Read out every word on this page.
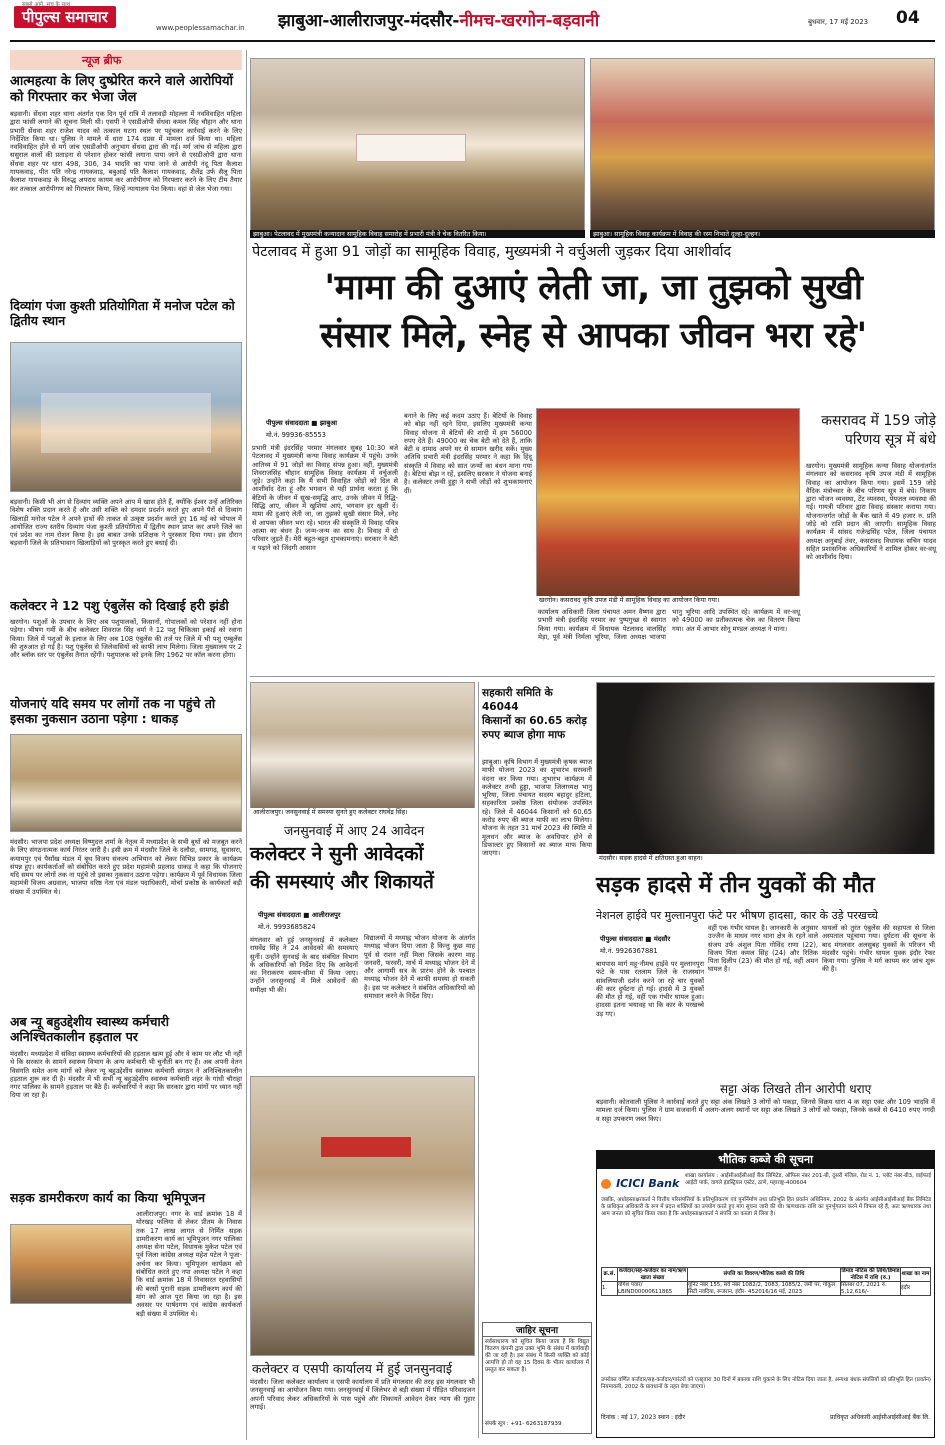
पीपुल्स समाचार
सबसे आगे, सच के साथ
www.peoplessamachar.in झाबुआ-आलीराजपुर-मंदसौर-नीमच-खरगोन-बड़वानी	बुधवार, 17 मई 2023 04
न्यूज ब्रीफ
आत्महत्या के लिए दुष्प्रेरित करने वाले आरोपियों को गिरफ्तार कर भेजा जेल
बड़वानी। सेंधवा शहर थाना अंतर्गत एक दिन पूर्व रात्रि में तलावड़ी मोहल्ला में नवविवाहित महिला द्वारा फांसी लगाने की सूचना मिली थी। एसपी ने एसडीओपी सेंधवा कमल सिंह चौहान और थाना प्रभारी सेंधवा शहर राजेश यादव को तत्काल घटना स्थल पर पहुंचकर कार्रवाई करने के लिए निर्देशित किया था। पुलिस ने मामले में धारा 174 दप्रस में मामला दर्ज किया था। महिला नवविवाहित होने से मर्ग जांच एसडीओपी अनुभाग सेंधवा द्वारा की गई। मर्ग जांच से महिला द्वारा ससुराल वालों की प्रताड़ना से परेशान होकर फांसी लगाना पाया जाने से एसडीओपी द्वारा थाना सेंधवा शहर पर धारा 498, 306, 34 भादवि का पाया जाने से आरोपी नंदू पिता कैलाश गायकवाड़, पीत पति नरेन्द्र गायकवाड़, बबुआई पति कैलाश गायकवाड़, शैलेंद्र उर्फ सैलू पिता कैलाश गायकवाड़ के विरुद्ध अपराध कायम कर आरोपीगण को गिरफ्तार करने के लिए टीम तैयार कर तत्काल आरोपीगण को गिरफ्तार किया, जिन्हें न्यायालय पेश किया। वहां से जेल भेजा गया।
दिव्यांग पंजा कुश्ती प्रतियोगिता में मनोज पटेल को द्वितीय स्थान
बड़वानी। किसी भी अंग से दिव्यांग व्यक्ति अपने आप में खास होते हैं, क्योंकि ईश्वर उन्हें अतिरिक्त विशेष शक्ति प्रदान करते हैं और उसी शक्ति को दमदार प्रदर्शन करते हुए अपने पैरों से दिव्यांग खिलाड़ी मनोज पटेल ने अपने हाथों की ताकत से उत्कृष्ट प्रदर्शन करते हुए 16 मई को भोपाल में आयोजित राज्य स्तरीय दिव्यांग पंजा कुश्ती प्रतियोगिता में द्वितीय स्थान प्राप्त कर अपने जिले का एवं प्रदेश का नाम रोशन किया है। इस बाबत उनके प्रशिक्षक ने पुरस्कार दिया गया। इस दौरान बड़वानी जिले के प्रतिभावान खिलाड़ियों को पुरस्कृत करते हुए बधाई दी।
कलेक्टर ने 12 पशु एंबुलेंस को दिखाई हरी झंडी
खरगोन। पशुओं के उपचार के लिए अब पशुपालकों, किसानों, गोपालकों को परेशान नहीं होना पड़ेगा। भीषण गर्मी के बीच कलेक्टर शिवराज सिंह वर्मा ने 12 पशु चिकित्सा इकाई को रवाना किया। जिले में पशुओं के इलाज के लिए अब 108 एंबुलेंस की तर्ज पर जिले में भी पशु एम्बुलेंस की शुरुआत हो गई है। पशु एंबुलेंस से जिलेवासियों को काफी लाभ मिलेगा। जिला मुख्यालय पर 2 और ब्लॉक स्तर पर एंबुलेंस तैनात रहेंगी। पशुपालक को इनके लिए 1962 पर कॉल करना होगा।
योजनाएं यदि समय पर लोगों तक ना पहुंचे तो इसका नुकसान उठाना पड़ेगा : धाकड़
मंदसौर। भाजपा प्रदेश अध्यक्ष विष्णुदत्त शर्मा के नेतृत्व में मध्यप्रदेश के सभी बूथों को मजबूत करने के लिए संगठनात्मक कार्य निरंतर जारी है। इसी क्रम में मंदसौर जिले के दलौदा, सामगढ़, सुवासरा, कयामपुर एवं पैसाँख मंडल में बूथ विजय संकल्प अभियान को लेकर विभिन्न प्रकार के कार्यक्रम संपन्न हुए। कार्यकर्ताओं को संबोधित करते हुए प्रदेश महामंत्री प्रहलाद धाकड़ ने कहा कि योजनाएं यदि समय पर लोगों तक ना पहुंचे तो इसका नुकसान उठाना पड़ेगा। कार्यक्रम में पूर्व विधायक जिला महामंत्री विजय अग्रवाल, भाजपा वरिष्ठ नेता एवं मंडल पदाधिकारी, मोर्चा प्रकोष्ठ के कार्यकर्ता बड़ी संख्या में उपस्थित थे।
अब न्यू बहुउद्देशीय स्वास्थ्य कर्मचारी अनिश्चितकालीन हड़ताल पर
मंदसौर। मध्यप्रदेश में संविदा स्वास्थ्य कर्मचारियों की हड़ताल खत्म हुई और वे काम पर लौट भी नहीं थे कि सरकार के सामने स्वास्थ्य विभाग के अन्य कर्मचारी भी चुनौती बन गए हैं। अब अपनी वेतन विसंगति समेत अन्य मांगों को लेकर न्यू बहुउद्देशीय स्वास्थ्य कर्मचारी संगठन ने अनिश्चितकालीन हड़ताल शुरू कर दी है। मंदसौर में भी सभी न्यू बहुउद्देशीय स्वास्थ्य कर्मचारी शहर के गांधी चौराहा नगर पालिका के सामने हड़ताल पर बैठे हैं। कर्मचारियों ने कहा कि सरकार द्वारा मांगों पर ध्यान नहीं दिया जा रहा है।
सड़क डामरीकरण कार्य का किया भूमिपूजन
आलीराजपुर। नगर के वार्ड क्रमांक 18 में मोरखड़ फलिया से लेकर प्रीतम के निवास तक 17 लाख लागत से निर्मित सड़क डामरीकरण कार्य का भूमिपूजन नगर पालिका अध्यक्ष सेना पटेल, विधायक मुकेश पटेल एवं पूर्व जिला कांग्रेस अध्यक्ष महेश पटेल ने पूजा-अर्चना कर किया। भूमिपूजन कार्यक्रम को संबोधित करते हुए नपा अध्यक्ष पटेल ने कहा कि वार्ड क्रमांक 18 में निवासरत रहवासियों की बरसों पुरानी सड़क डामरीकरण कार्य की मांग को आज पूरा किया जा रहा है। इस अवसर पर पार्षदगण एवं कांग्रेस कार्यकर्ता बड़ी संख्या में उपस्थित थे।
झाबुआ। पेटलावद में मुख्यमंत्री कन्यादान सामूहिक विवाह समारोह में प्रभारी मंत्री ने चेक वितरित किया।	झाबुआ। सामूहिक विवाह कार्यक्रम में विवाह की रस्म निभाते दूल्हा-दुल्हन।
पेटलावद में हुआ 91 जोड़ों का सामूहिक विवाह, मुख्यमंत्री ने वर्चुअली जुड़कर दिया आशीर्वाद
'मामा की दुआएं लेती जा, जा तुझको सुखी
संसार मिले, स्नेह से आपका जीवन भरा रहे'
पीपुल्स संवाददाता ■ झाबुआ
मो.नं. 99936-85553
प्रभारी मंत्री इंदरसिंह परमार मंगलवार सुबह 10:30 बजे पेटलावद में मुख्यमंत्री कन्या विवाह कार्यक्रम में पहुंचे। उनके आतिथ्य में 91 जोड़ों का विवाह संपन्न हुआ। वहीं, मुख्यमंत्री शिवराजसिंह चौहान सामूहिक विवाह कार्यक्रम में वर्चुअली जुड़े। उन्होंने कहा कि मैं सभी विवाहित जोड़ों को दिल से आशीर्वाद देता हूं और भगवान से यही प्रार्थना करता हूं कि बेटियों के जीवन में सुख-समृद्धि आए, उनके जीवन में रिद्धि-सिद्धि आए, जीवन में खुशियां आएं, भगवान हर खुशी दें। मामा की दुआएं लेती जा, जा तुझको सुखी संसार मिले, स्नेह से आपका जीवन भरा रहे। भारत की संस्कृति में विवाह पवित्र आत्मा का बंधन है। जन्म-जन्म का साथ है। विवाह में दो परिवार जुड़ते हैं। मेरी बहुत-बहुत शुभकामनाएं। सरकार ने बेटी व पढ़ाने को जिंदगी आसान
बनाने के लिए कई कदम उठाए हैं। बेटियों के विवाह को बोझ नहीं रहने दिया, इसलिए मुख्यमंत्री कन्या विवाह योजना में बेटियों की शादी में हम 56000 रुपए देते हैं। 49000 का चेक बेटी को देते हैं, ताकि बेटी व दामाद अपने घर से सामान खरीद सकें। मुख्य अतिथि प्रभारी मंत्री इंदरसिंह परमार ने कहा कि हिंदू संस्कृति में विवाह को सात जन्मों का बंधन माना गया है। बेटियां बोझ न रहें, इसलिए सरकार ने योजना बनाई है। कलेक्टर तन्वी हुड्डा ने सभी जोड़ों को शुभकामनाएं दीं।
खरगोन। कसरावद कृषि उपज मंडी में सामूहिक विवाह का आयोजन किया गया।
कार्यालय अधिकारी जिला पंचायत अमन वैष्णव द्वारा प्रभारी मंत्री इंदरसिंह परमार का पुष्पगुच्छ से स्वागत किया गया। कार्यक्रम में विधायक पेटलावद वालसिंह मेड़ा, पूर्व मंत्री निर्मला भूरिया, जिला अध्यक्ष भाजपा भानु भूरिया आदि उपस्थित रहे। कार्यक्रम में वर-वधू को 49000 का प्रतीकात्मक चेक का वितरण किया गया। अंत में आभार सोनू मण्डल अध्यक्ष ने माना।
कसरावद में 159 जोड़े परिणय सूत्र में बंधे
खरगोन। मुख्यमंत्री सामूहिक कन्या विवाह योजनांतर्गत मंगलवार को कसरावद कृषि उपज मंडी में सामूहिक विवाह का आयोजन किया गया। इसमें 159 जोड़े वैदिक मंत्रोच्चार के बीच परिणय सूत्र में बंधे। निकाय द्वारा भोजन व्यवस्था, टेंट व्यवस्था, पेयजल व्यवस्था की गई। गायत्री परिवार द्वारा विवाह संस्कार कराया गया। योजनान्तर्गत जोड़ों के बैंक खाते में 49 हजार रु. प्रति जोड़े को राशि प्रदान की जाएगी। सामूहिक विवाह कार्यक्रम में सांसद गजेन्द्रसिंह पटेल, जिला पंचायत अध्यक्ष अनुबाई तंवर, कसरावद विधायक सचिन यादव सहित प्रशासनिक अधिकारियों ने शामिल होकर वर-वधू को आशीर्वाद दिया।
आलीराजपुर। जनसुनवाई में समस्या सुनते हुए कलेक्टर राघवेंद्र सिंह।
जनसुनवाई में आए 24 आवेदन
कलेक्टर ने सुनी आवेदकों
की समस्याएं और शिकायतें
पीपुल्स संवाददाता ■ आलीराजपुर
मो.नं. 9993685824
मंगलवार को हुई जनसुनवाई में कलेक्टर राघवेंद्र सिंह ने 24 आवेदकों की समस्याएं सुनीं। उन्होंने सुनवाई के बाद संबंधित विभाग के अधिकारियों को निर्देश दिए कि आवेदनों का निराकरण समय-सीमा में किया जाए। उन्होंने जनसुनवाई में मिले आवेदनों की समीक्षा भी की।
विद्यालयों में मध्याह्न भोजन योजना के अंतर्गत मध्याह्न भोजन दिया जाता है किन्तु कुछ माह पूर्व से राशन नहीं मिला जिसके कारण माह जनवरी, फरवरी, मार्च में मध्याह्न भोजन देने में और आगामी सत्र के प्रारंभ होने के पश्चात मध्याह्न भोजन देने में काफी समस्या हो सकती है। इस पर कलेक्टर ने संबंधित अधिकारियों को समाधान करने के निर्देश दिए।
कलेक्टर व एसपी कार्यालय में हुई जनसुनवाई
मंदसौर। जिला कलेक्टर कार्यालय व एसपी कार्यालय में प्रति मंगलवार की तरह इस मंगलवार भी जनसुनवाई का आयोजन किया गया। जनसुनवाई में जिलेभर से बड़ी संख्या में पीड़ित परिवादजन अपनी परिवाद लेकर अधिकारियों के पास पहुंचे और शिकायतें आवेदन देकर न्याय की गुहार लगाई।
सहकारी समिति के 46044
किसानों का 60.65 करोड़
रुपए ब्याज होगा माफ
झाबुआ। कृषि विभाग में मुख्यमंत्री कृषक ब्याज माफी योजना 2023 का शुभारंभ सरस्वती वंदना कर किया गया। शुभारंभ कार्यक्रम में कलेक्टर तन्वी हुड्डा, भाजपा जिलाध्यक्ष भानु भूरिया, जिला पंचायत सदस्य बहादुर हटिला, सहकारिता प्रकोष्ठ जिला संयोजक उपस्थित रहे। जिले में 46044 किसानों को 60.65 करोड़ रुपए की ब्याज माफी का लाभ मिलेगा। योजना के तहत 31 मार्च 2023 की स्थिति में मूलधन और ब्याज के अवधिपार होने से डिफाल्टर हुए किसानों का ब्याज माफ किया जाएगा।
जाहिर सूचना
सर्वसाधारण को सूचित किया जाता है कि विद्युत वितरण कंपनी द्वारा उक्त भूमि के संबंध में कार्यवाही की जा रही है। इस संबंध में किसी व्यक्ति को कोई आपत्ति हो तो वह 15 दिवस के भीतर कार्यालय में प्रस्तुत कर सकता है।
संपर्क सूत्र : +91- 6263187939
मंदसौर। सड़क हादसे में क्षतिग्रस्त हुआ वाहन।
सड़क हादसे में तीन युवकों की मौत
नेशनल हाईवे पर मुल्तानपुरा फंटे पर भीषण हादसा, कार के उड़े परखच्चे
पीपुल्स संवाददाता ■ मंदसौर
मो.नं. 9926367881
बायपास मार्ग महू-नीमच हाईवे पर मुल्तानपुरा फंटे के पास रतलाम जिले के राजस्थान सांवलियाजी दर्शन करने जा रहे चार युवकों की कार दुर्घटना हो गई। हादसे में 3 युवकों की मौत हो गई, वहीं एक गंभीर घायल हुआ। हादसा इतना भयावह था कि कार के परखच्चे उड़ गए।
वहीं एक गंभीर घायल है। जानकारी के अनुसार उज्जैन के माधव नगर थाना क्षेत्र के रहने वाले संजय उर्फ अंशुल पिता गोविंद राणा (22), विजय पिता कमल सिंह (24) और रितिक पिता दिलीप (23) की मौत हो गई, वहीं अमन घायल है।
घायलों को तुरंत एंबुलेंस की सहायता से जिला अस्पताल पहुंचाया गया। दुर्घटना की सूचना के बाद मंगलवार अलसुबह युवकों के परिजन भी मंदसौर पहुंचे। गंभीर घायल युवक इंदौर रेफर किया गया। पुलिस ने मर्ग कायम कर जांच शुरू की है।
सट्टा अंक लिखते तीन आरोपी धराए
बड़वानी। कोतवाली पुलिस ने कार्रवाई करते हुए सट्टा अंक लिखते 3 लोगों को पकड़ा, जिनसे विक्रय धारा 4 क सट्टा एक्ट और 109 भादवि में मामला दर्ज किया। पुलिस ने ग्राम सजवानी में अलग-अलग स्थानों पर सट्टा अंक लिखते 3 लोगों को पकड़ा, जिनके कब्जे से 6410 रुपए नगदी व सट्टा उपकरण जब्त किए।
भौतिक कब्जे की सूचना
ICICI Bank
शाखा कार्यालय : आईसीआईसीआई बैंक लिमिटेड, ऑफिस नंबर 201-बी, दूसरी मंजिल, रोड नं. 1, प्लॉट नंबर-बी3, वाईफाई आईटी पार्क, वागले इंडस्ट्रियल एस्टेट, ठाणे, महाराष्ट्र-400604
जबकि, अधोहस्ताक्षरकर्ता ने वित्तीय परिसंपत्तियों के प्रतिभूतिकरण एवं पुनर्निर्माण तथा प्रतिभूति हित प्रवर्तन अधिनियम, 2002 के अंतर्गत आईसीआईसीआई बैंक लिमिटेड के प्राधिकृत अधिकारी के रूप में प्रदत्त शक्तियों का उपयोग करते हुए मांग सूचना जारी की थी। ऋणधारक राशि का पुनर्भुगतान करने में विफल रहे हैं, अतः ऋणधारक तथा आम जनता को सूचित किया जाता है कि अधोहस्ताक्षरकर्ता ने संपत्ति का कब्जा ले लिया है।
क्र.सं.	कर्जदार/सह-कर्जदार का नाम/ऋण खाता संख्या	संपत्ति का विवरण/भौतिक कब्जे की तिथि	डिमांड नोटिस की तिथि/डिमांड नोटिस में राशि (रु.)	शाखा का नाम
1.	योगेश पवार/ LBIND00000611865	यूनिट नंबर 155, सर्वे नंबर 1082/2, 1083, 1085/2, जमी पर, गोकुल सिटी नवदिया, रूजरान, इंदौर- 452016/16 मई, 2023	सितंबर 07, 2021 रु. 5,12,616/-	इंदौर
उपरोक्त वर्णित कर्जदार/सह-कर्जदार/गारंटरों को एतद्द्वारा 30 दिनों में बकाया राशि चुकाने के लिए नोटिस दिया जाता है, अन्यथा बंधक संपत्तियों को प्रतिभूति हित (प्रवर्तन) नियमावली, 2002 के प्रावधानों के तहत बेचा जाएगा।
दिनांक : मई 17, 2023 स्थान : इंदौर	प्राधिकृत अधिकारी आईसीआईसीआई बैंक लि.
